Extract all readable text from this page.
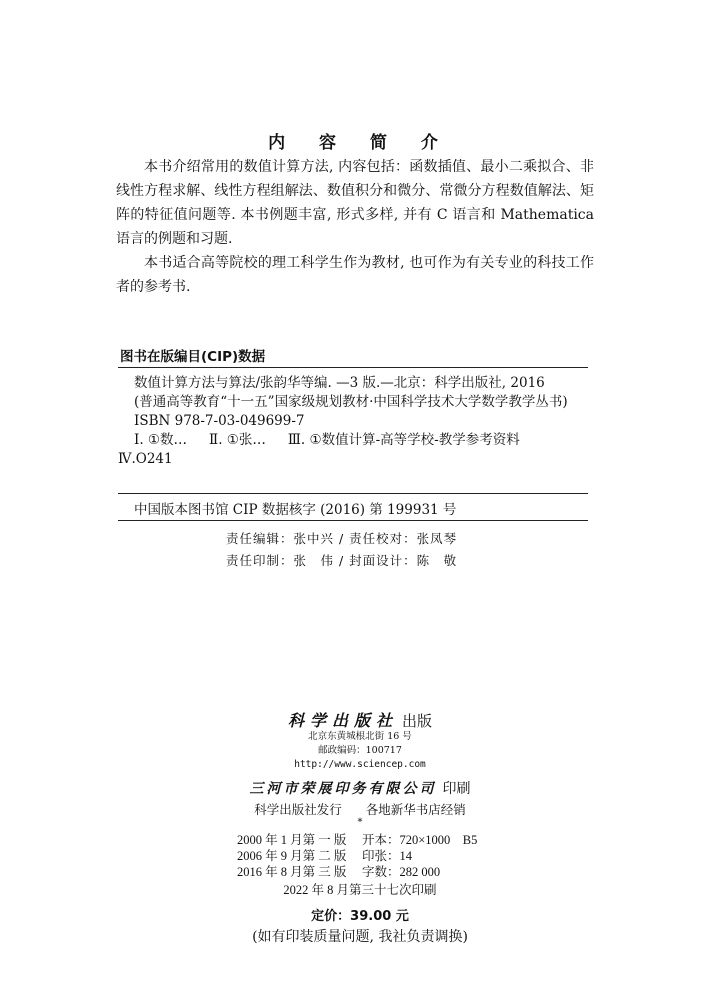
内 容 简 介

本书介绍常用的数值计算方法, 内容包括：函数插值、最小二乘拟合、非线性方程求解、线性方程组解法、数值积分和微分、常微分方程数值解法、矩阵的特征值问题等. 本书例题丰富, 形式多样, 并有 C 语言和 Mathematica 语言的例题和习题.

本书适合高等院校的理工科学生作为教材, 也可作为有关专业的科技工作者的参考书.

图书在版编目(CIP)数据
数值计算方法与算法/张韵华等编. —3 版.—北京：科学出版社, 2016
(普通高等教育“十一五”国家级规划教材·中国科学技术大学数学教学丛书)
ISBN 978-7-03-049699-7
Ⅰ. ①数… Ⅱ. ①张… Ⅲ. ①数值计算-高等学校-教学参考资料
Ⅳ.O241
中国版本图书馆 CIP 数据核字 (2016) 第 199931 号
责任编辑：张中兴 / 责任校对：张凤琴
责任印制：张　伟 / 封面设计：陈　敬
科学出版社 出版
北京东黄城根北街 16 号
邮政编码：100717
http://www.sciencep.com
三河市荣展印务有限公司 印刷
科学出版社发行 各地新华书店经销
*
2000 年 1 月第 一 版　 开本：720×1000　B5
2006 年 9 月第 二 版　 印张：14
2016 年 8 月第 三 版　 字数：282 000
2022 年 8 月第三十七次印刷
定价：39.00 元
(如有印装质量问题, 我社负责调换)
